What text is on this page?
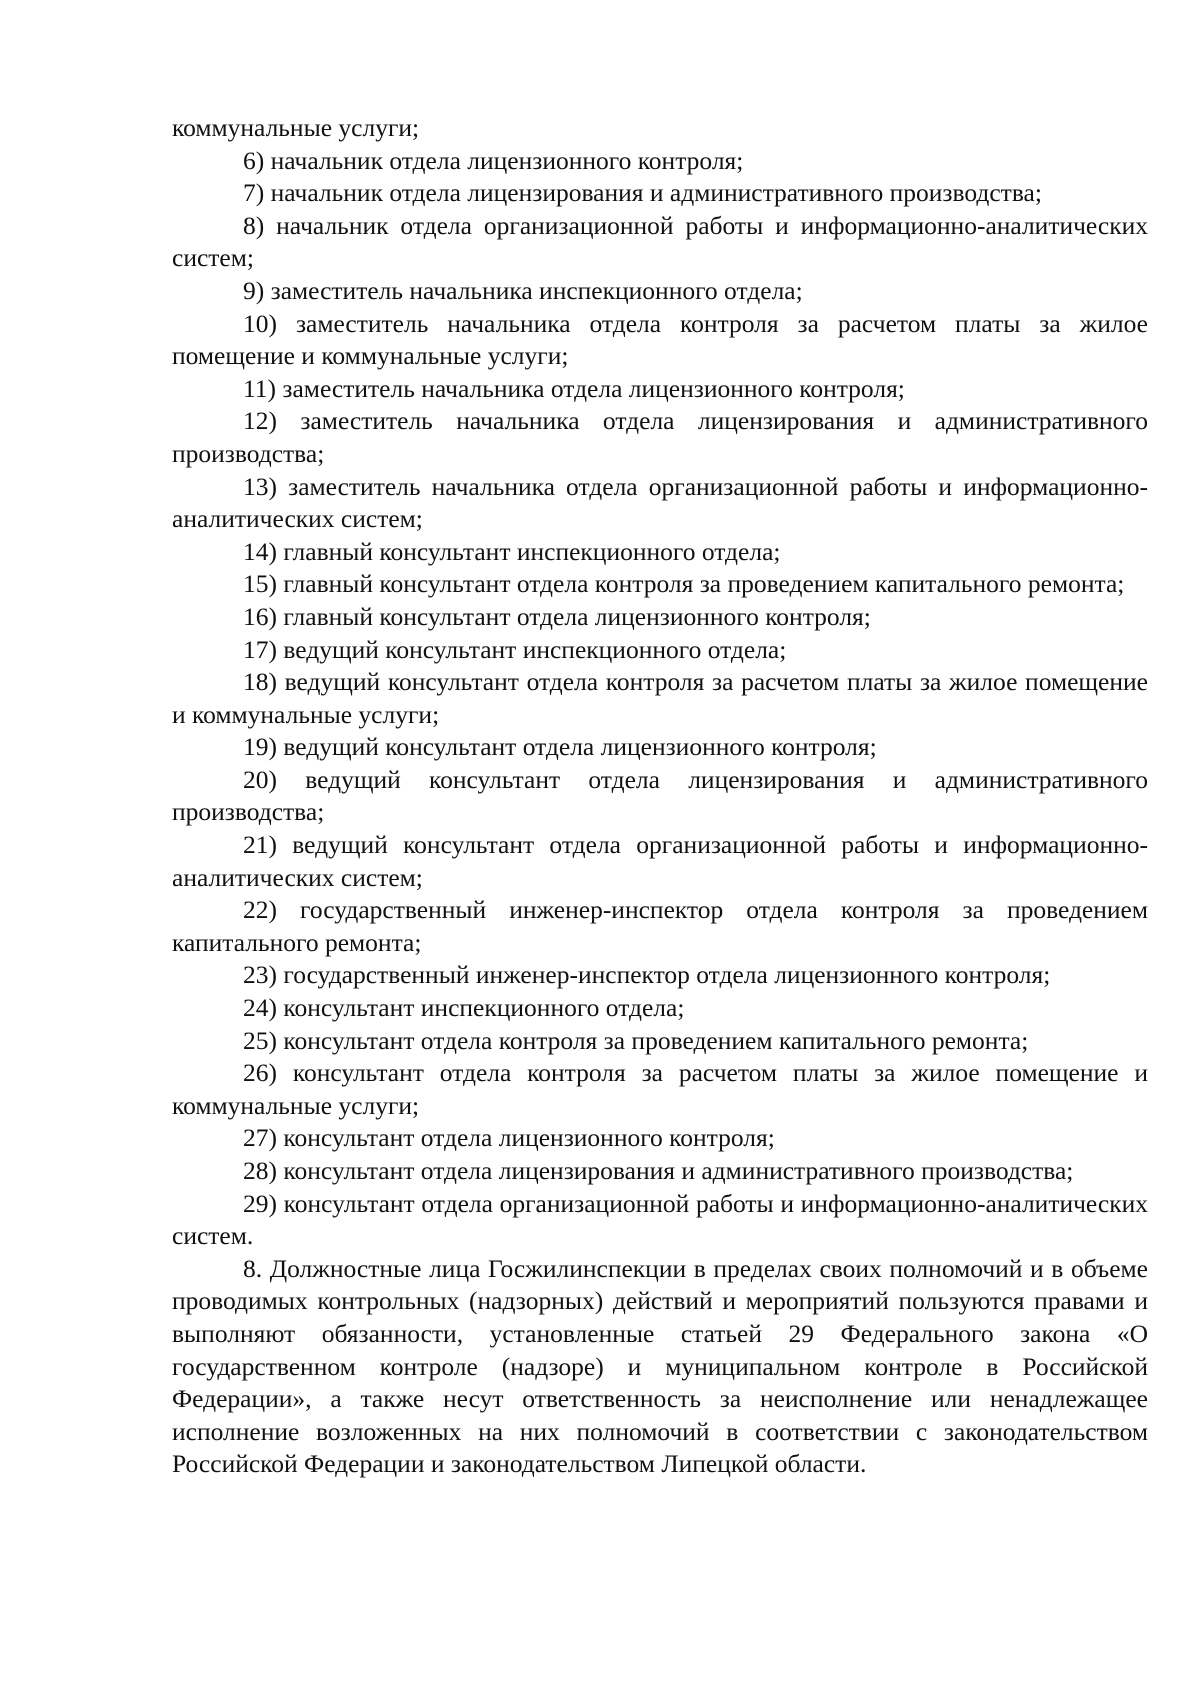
коммунальные услуги;

6) начальник отдела лицензионного контроля;

7) начальник отдела лицензирования и административного производства;

8) начальник отдела организационной работы и информационно-аналитических систем;

9) заместитель начальника инспекционного отдела;

10) заместитель начальника отдела контроля за расчетом платы за жилое помещение и коммунальные услуги;

11) заместитель начальника отдела лицензионного контроля;

12) заместитель начальника отдела лицензирования и административного производства;

13) заместитель начальника отдела организационной работы и информационно-аналитических систем;

14) главный консультант инспекционного отдела;

15) главный консультант отдела контроля за проведением капитального ремонта;

16) главный консультант отдела лицензионного контроля;

17) ведущий консультант инспекционного отдела;

18) ведущий консультант отдела контроля за расчетом платы за жилое помещение и коммунальные услуги;

19) ведущий консультант отдела лицензионного контроля;

20) ведущий консультант отдела лицензирования и административного производства;

21) ведущий консультант отдела организационной работы и информационно-аналитических систем;

22) государственный инженер-инспектор отдела контроля за проведением капитального ремонта;

23) государственный инженер-инспектор отдела лицензионного контроля;

24) консультант инспекционного отдела;

25) консультант отдела контроля за проведением капитального ремонта;

26) консультант отдела контроля за расчетом платы за жилое помещение и коммунальные услуги;

27) консультант отдела лицензионного контроля;

28) консультант отдела лицензирования и административного производства;

29) консультант отдела организационной работы и информационно-аналитических систем.

8. Должностные лица Госжилинспекции в пределах своих полномочий и в объеме проводимых контрольных (надзорных) действий и мероприятий пользуются правами и выполняют обязанности, установленные статьей 29 Федерального закона «О государственном контроле (надзоре) и муниципальном контроле в Российской Федерации», а также несут ответственность за неисполнение или ненадлежащее исполнение возложенных на них полномочий в соответствии с законодательством Российской Федерации и законодательством Липецкой области.
